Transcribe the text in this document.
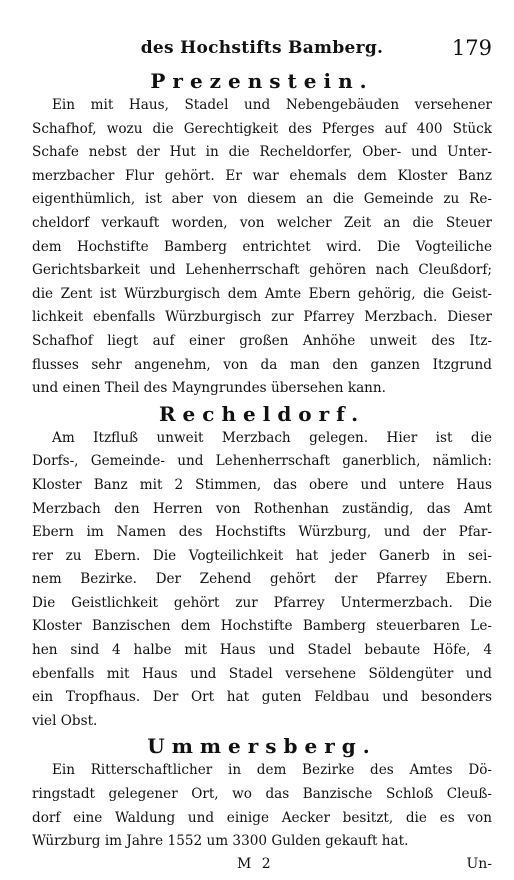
des Hochstifts Bamberg.	179
Prezenstein.

Ein mit Haus, Stadel und Nebengebäuden versehener
Schafhof, wozu die Gerechtigkeit des Pferges auf 400 Stück
Schafe nebst der Hut in die Recheldorfer, Ober- und Unter-
merzbacher Flur gehört. Er war ehemals dem Kloster Banz
eigenthümlich, ist aber von diesem an die Gemeinde zu Re-
cheldorf verkauft worden, von welcher Zeit an die Steuer
dem Hochstifte Bamberg entrichtet wird. Die Vogteiliche
Gerichtsbarkeit und Lehenherrschaft gehören nach Cleußdorf;
die Zent ist Würzburgisch dem Amte Ebern gehörig, die Geist-
lichkeit ebenfalls Würzburgisch zur Pfarrey Merzbach. Dieser
Schafhof liegt auf einer großen Anhöhe unweit des Itz-
flusses sehr angenehm, von da man den ganzen Itzgrund
und einen Theil des Mayngrundes übersehen kann.

Recheldorf.

Am Itzfluß unweit Merzbach gelegen. Hier ist die
Dorfs-, Gemeinde- und Lehenherrschaft ganerblich, nämlich:
Kloster Banz mit 2 Stimmen, das obere und untere Haus
Merzbach den Herren von Rothenhan zuständig, das Amt
Ebern im Namen des Hochstifts Würzburg, und der Pfar-
rer zu Ebern. Die Vogteilichkeit hat jeder Ganerb in sei-
nem Bezirke. Der Zehend gehört der Pfarrey Ebern.
Die Geistlichkeit gehört zur Pfarrey Untermerzbach. Die
Kloster Banzischen dem Hochstifte Bamberg steuerbaren Le-
hen sind 4 halbe mit Haus und Stadel bebaute Höfe, 4
ebenfalls mit Haus und Stadel versehene Söldengüter und
ein Tropfhaus. Der Ort hat guten Feldbau und besonders
viel Obst.

Ummersberg.

Ein Ritterschaftlicher in dem Bezirke des Amtes Dö-
ringstadt gelegener Ort, wo das Banzische Schloß Cleuß-
dorf eine Waldung und einige Aecker besitzt, die es von
Würzburg im Jahre 1552 um 3300 Gulden gekauft hat.

M 2	Un-
